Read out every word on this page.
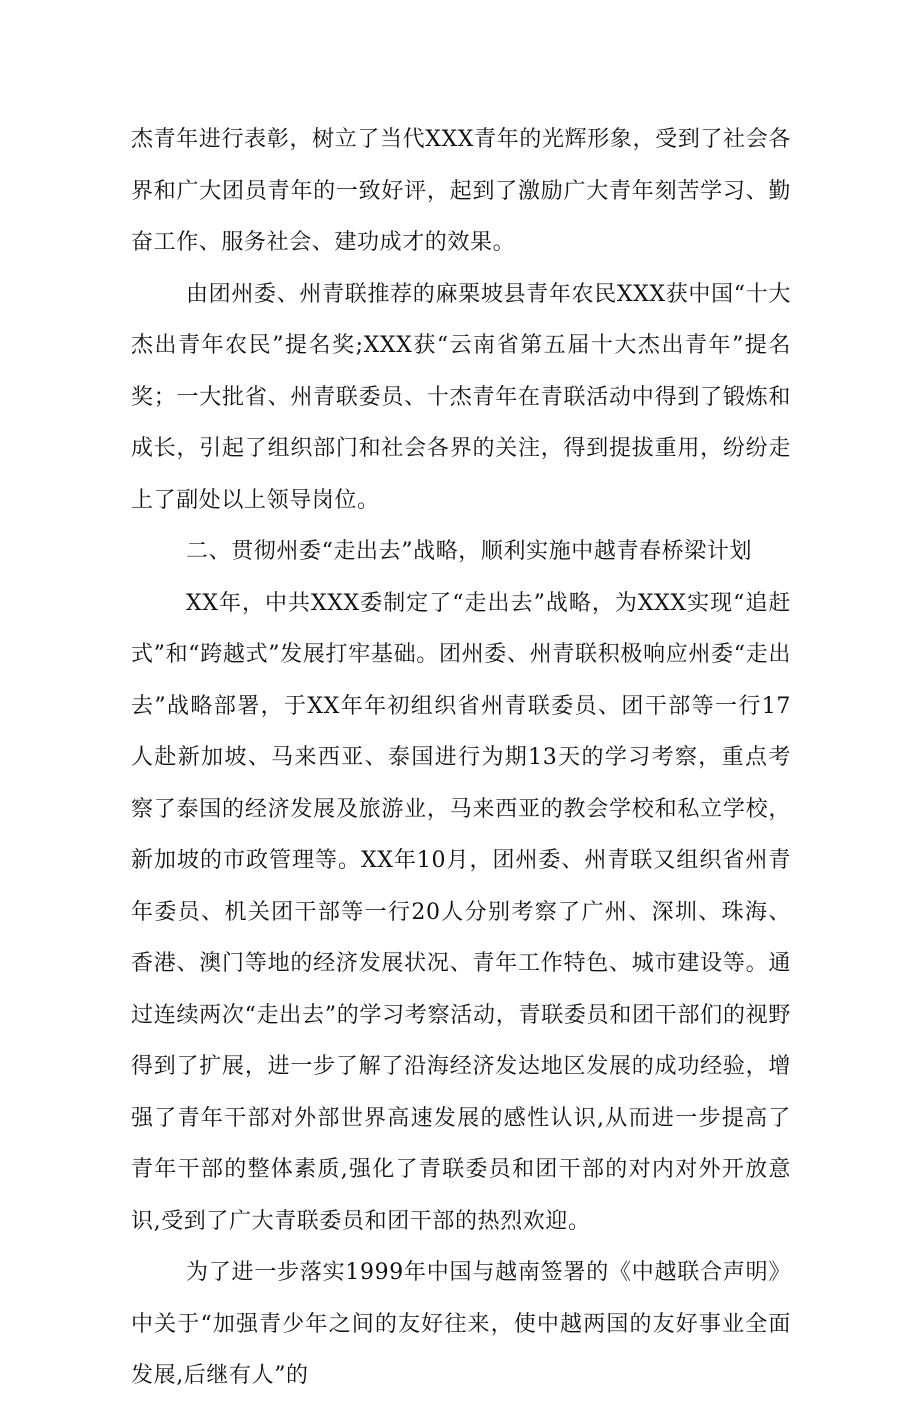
杰青年进行表彰，树立了当代XXX青年的光辉形象，受到了社会各界和广大团员青年的一致好评，起到了激励广大青年刻苦学习、勤奋工作、服务社会、建功成才的效果。

由团州委、州青联推荐的麻栗坡县青年农民XXX获中国“十大杰出青年农民”提名奖;XXX获“云南省第五届十大杰出青年”提名奖；一大批省、州青联委员、十杰青年在青联活动中得到了锻炼和成长，引起了组织部门和社会各界的关注，得到提拔重用，纷纷走上了副处以上领导岗位。

二、贯彻州委“走出去”战略，顺利实施中越青春桥梁计划

XX年，中共XXX委制定了“走出去”战略，为XXX实现“追赶式”和“跨越式”发展打牢基础。团州委、州青联积极响应州委“走出去”战略部署，于XX年年初组织省州青联委员、团干部等一行17人赴新加坡、马来西亚、泰国进行为期13天的学习考察，重点考察了泰国的经济发展及旅游业，马来西亚的教会学校和私立学校，新加坡的市政管理等。XX年10月，团州委、州青联又组织省州青年委员、机关团干部等一行20人分别考察了广州、深圳、珠海、香港、澳门等地的经济发展状况、青年工作特色、城市建设等。通过连续两次“走出去”的学习考察活动，青联委员和团干部们的视野得到了扩展，进一步了解了沿海经济发达地区发展的成功经验，增强了青年干部对外部世界高速发展的感性认识,从而进一步提高了青年干部的整体素质,强化了青联委员和团干部的对内对外开放意识,受到了广大青联委员和团干部的热烈欢迎。

为了进一步落实1999年中国与越南签署的《中越联合声明》中关于“加强青少年之间的友好往来，使中越两国的友好事业全面发展,后继有人”的
